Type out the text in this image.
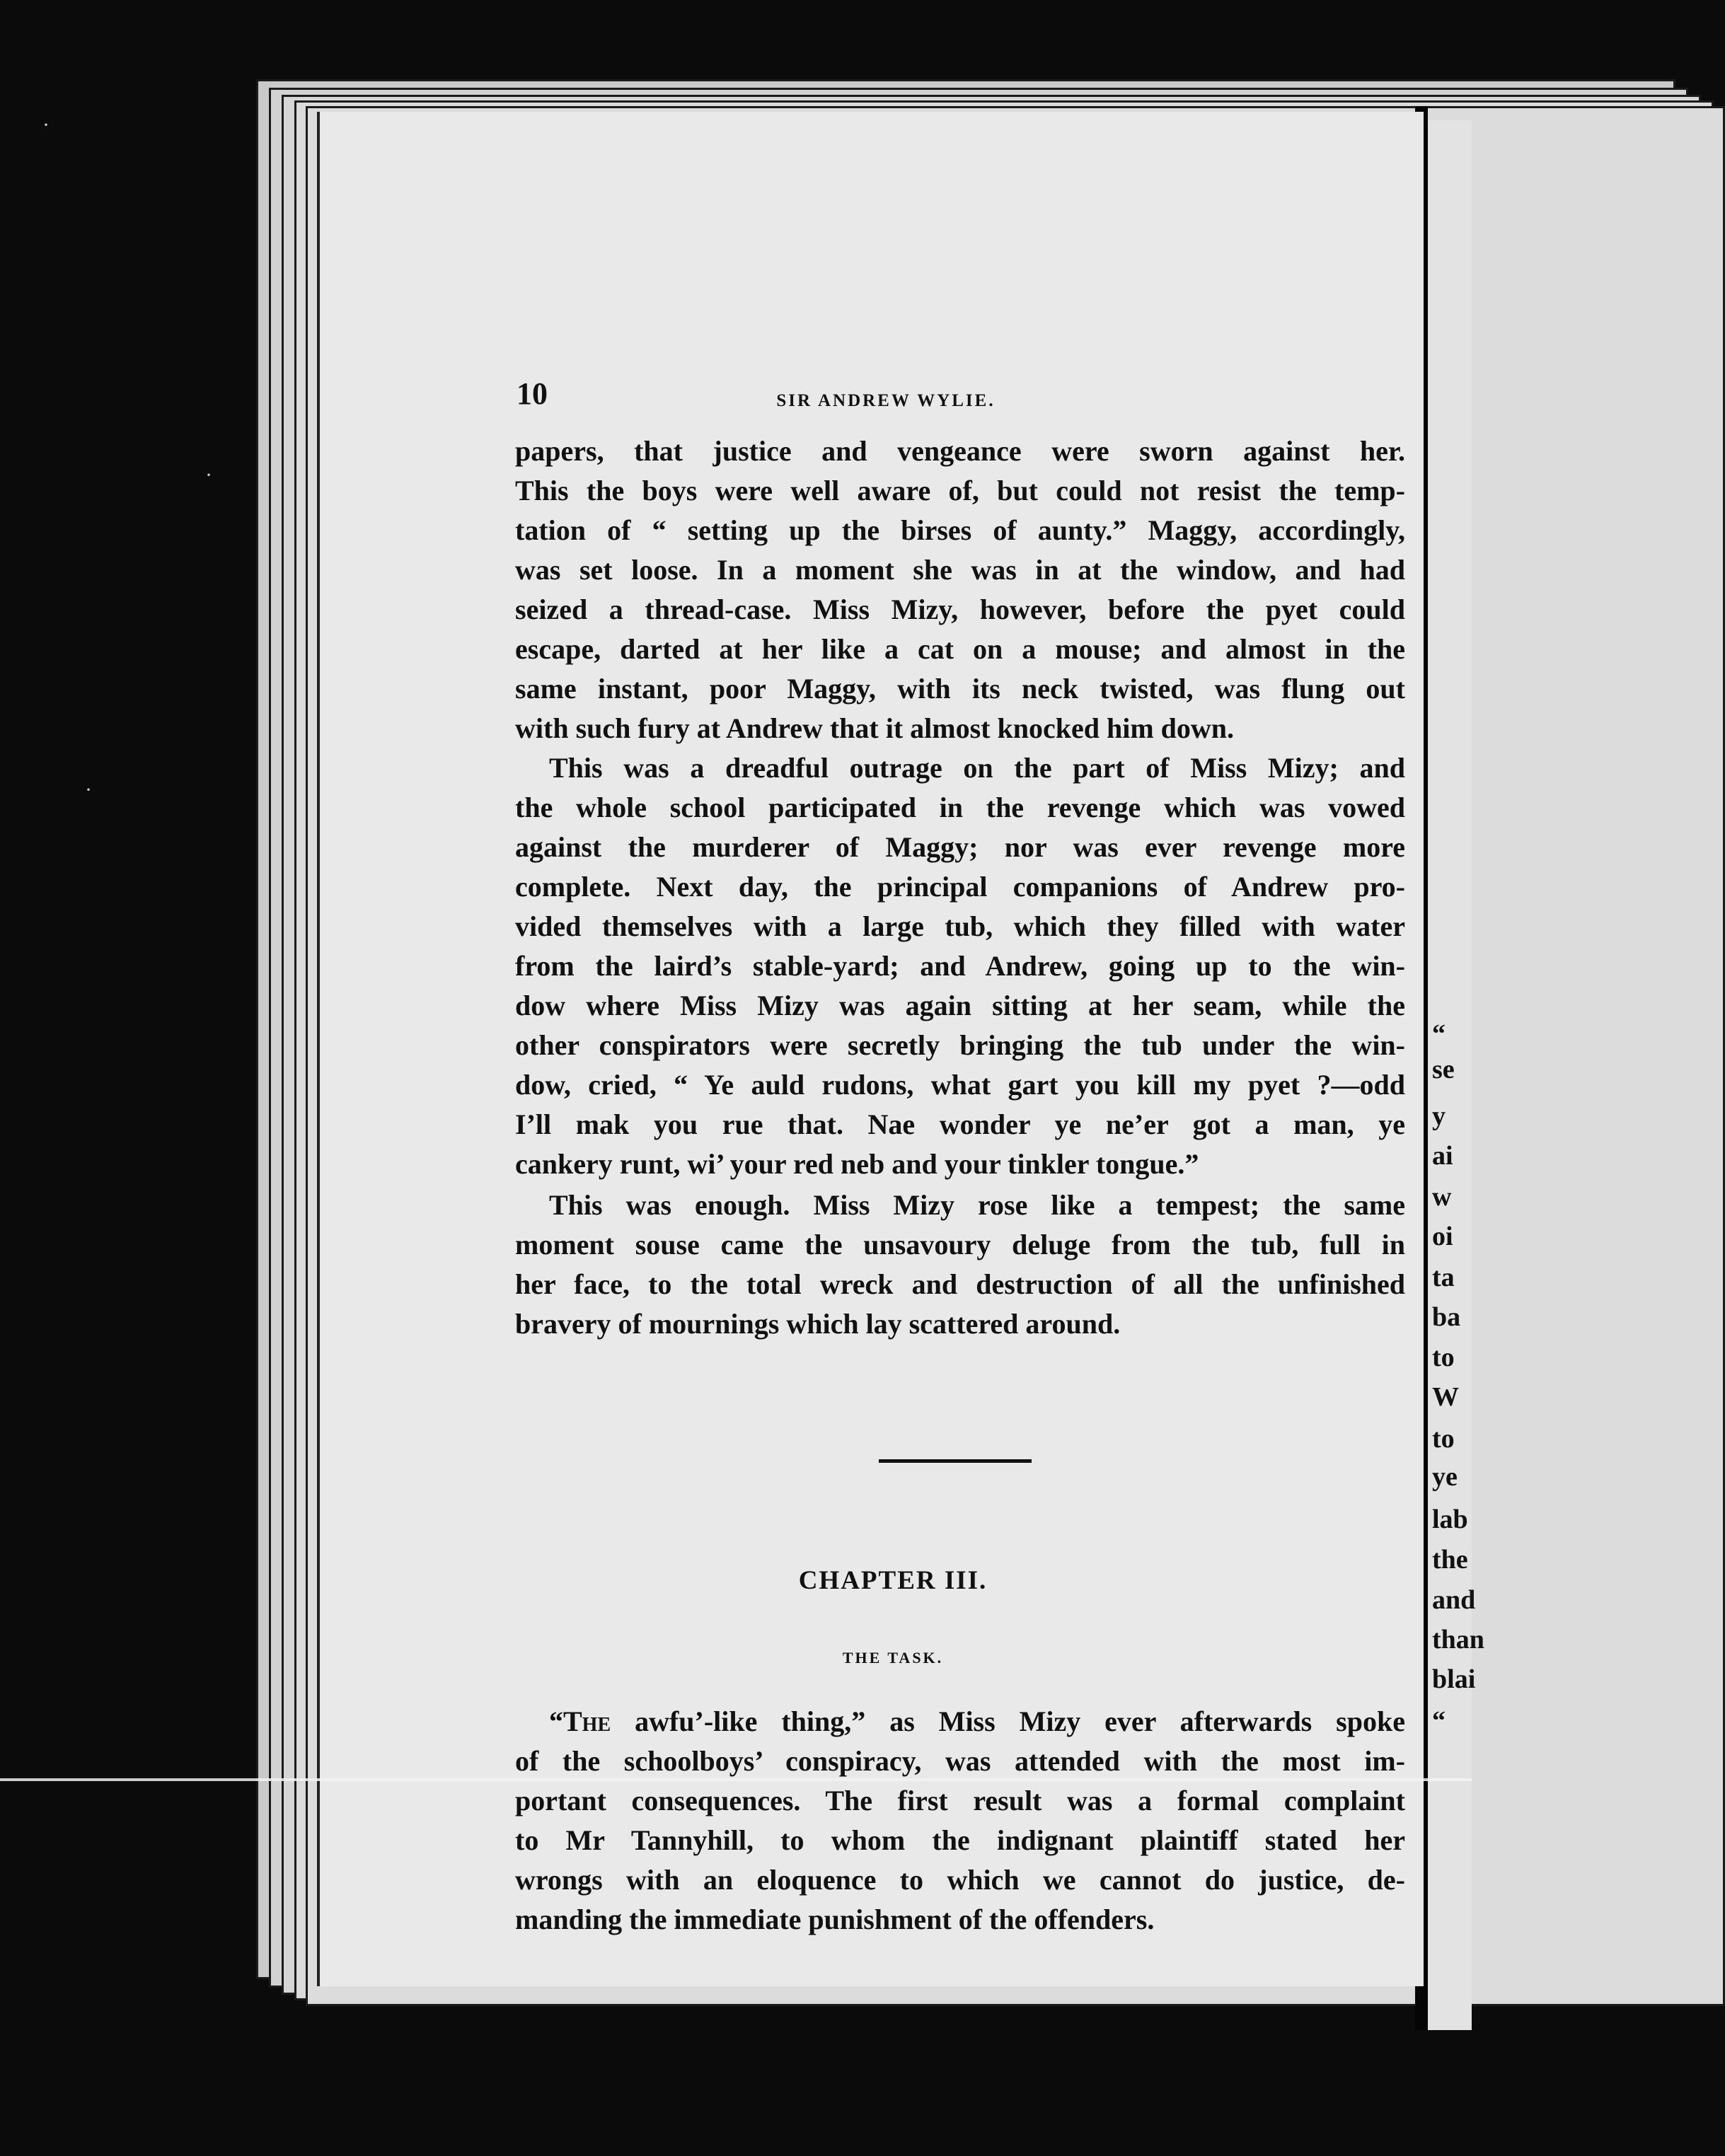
“
se
y
ai
w
oi
ta
ba
to
W
to
ye
lab
the
and
than
blai
“
10	SIR ANDREW WYLIE.
papers, that justice and vengeance were sworn against her.
This the boys were well aware of, but could not resist the temp-
tation of “ setting up the birses of aunty.” Maggy, accordingly,
was set loose. In a moment she was in at the window, and had
seized a thread-case. Miss Mizy, however, before the pyet could
escape, darted at her like a cat on a mouse; and almost in the
same instant, poor Maggy, with its neck twisted, was flung out
with such fury at Andrew that it almost knocked him down.
This was a dreadful outrage on the part of Miss Mizy; and
the whole school participated in the revenge which was vowed
against the murderer of Maggy; nor was ever revenge more
complete. Next day, the principal companions of Andrew pro-
vided themselves with a large tub, which they filled with water
from the laird’s stable-yard; and Andrew, going up to the win-
dow where Miss Mizy was again sitting at her seam, while the
other conspirators were secretly bringing the tub under the win-
dow, cried, “ Ye auld rudons, what gart you kill my pyet ?—odd
I’ll mak you rue that. Nae wonder ye ne’er got a man, ye
cankery runt, wi’ your red neb and your tinkler tongue.”
This was enough. Miss Mizy rose like a tempest; the same
moment souse came the unsavoury deluge from the tub, full in
her face, to the total wreck and destruction of all the unfinished
bravery of mournings which lay scattered around.
CHAPTER III.
THE TASK.
“The awfu’-like thing,” as Miss Mizy ever afterwards spoke
of the schoolboys’ conspiracy, was attended with the most im-
portant consequences. The first result was a formal complaint
to Mr Tannyhill, to whom the indignant plaintiff stated her
wrongs with an eloquence to which we cannot do justice, de-
manding the immediate punishment of the offenders.
·
·
·
